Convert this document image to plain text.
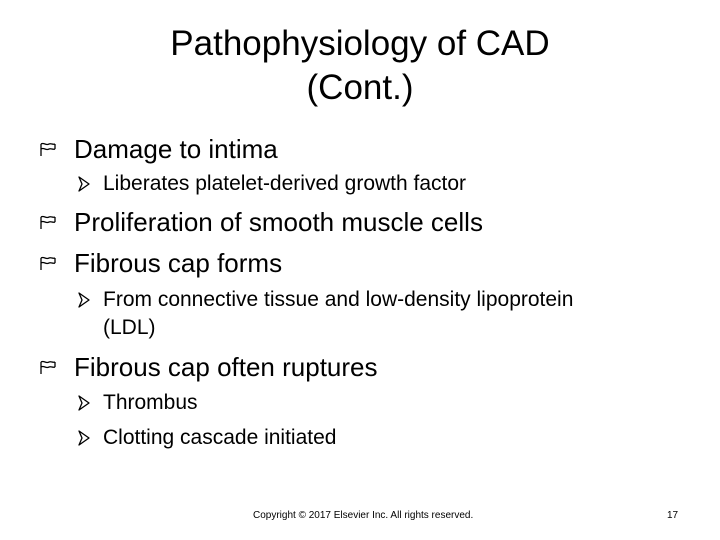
Pathophysiology of CAD
(Cont.)
Damage to intima
Liberates platelet-derived growth factor
Proliferation of smooth muscle cells
Fibrous cap forms
From connective tissue and low-density lipoprotein
(LDL)
Fibrous cap often ruptures
Thrombus
Clotting cascade initiated
Copyright © 2017 Elsevier Inc. All rights reserved.	17
